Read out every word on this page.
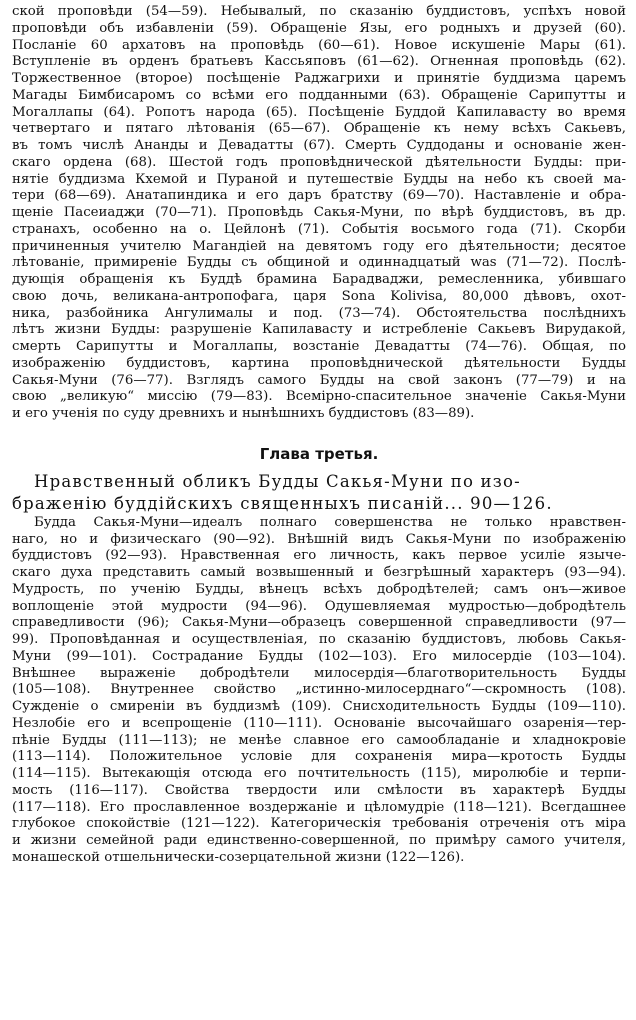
ской проповѣди (54—59). Небывалый, по сказанію буддистовъ, успѣхъ новой
проповѣди объ избавленіи (59). Обращеніе Язы, его родныхъ и друзей (60).
Посланіе 60 архатовъ на проповѣдь (60—61). Новое искушеніе Мары (61).
Вступленіе въ орденъ братьевъ Кассьяповъ (61—62). Огненная проповѣдь (62).
Торжественное (второе) посѣщеніе Раджагрихи и принятіе буддизма царемъ
Магады Бимбисаромъ со всѣми его подданными (63). Обращеніе Сарипутты и
Могаллапы (64). Ропотъ народа (65). Посѣщеніе Буддой Капилавасту во время
четвертаго и пятаго лѣтованія (65—67). Обращеніе къ нему всѣхъ Сакьевъ,
въ томъ числѣ Ананды и Девадатты (67). Смерть Суддоданы и основаніе жен-
скаго ордена (68). Шестой годъ проповѣднической дѣятельности Будды: при-
нятіе буддизма Кхемой и Пураной и путешествіе Будды на небо къ своей ма-
тери (68—69). Анатапиндика и его даръ братству (69—70). Наставленіе и обра-
щеніе Пасеиадҗи (70—71). Проповѣдь Сакья-Муни, по вѣрѣ буддистовъ, въ др.
странахъ, особенно на о. Цейлонѣ (71). Событія восьмого года (71). Скорби
причиненныя учителю Магандіей на девятомъ году его дѣятельности; десятое
лѣтованіе, примиреніе Будды съ общиной и одиннадцатый was (71—72). Послѣ-
дующія обращенія къ Буддѣ брамина Барадваджи, ремесленника, убившаго
свою дочь, великана-антропофага, царя Sona Kolivisa, 80,000 дѣвовъ, охот-
ника, разбойника Ангулималы и под. (73—74). Обстоятельства послѣднихъ
лѣтъ жизни Будды: разрушеніе Капилавасту и истребленіе Сакьевъ Вирудакой,
смерть Сарипутты и Могаллапы, возстаніе Девадатты (74—76). Общая, по
изображенію буддистовъ, картина проповѣднической дѣятельности Будды
Сакья-Муни (76—77). Взглядъ самого Будды на свой законъ (77—79) и на
свою „великую“ миссію (79—83). Всемірно-спасительное значеніе Сакья-Муни
и его ученія по суду древнихъ и нынѣшнихъ буддистовъ (83—89).
Глава третья.
Нравственный обликъ Будды Сакья-Муни по изо-браженію буддійскихъ священныхъ писаній... 90—126.
Будда Сакья-Муни—идеалъ полнаго совершенства не только нравствен-
наго, но и физическаго (90—92). Внѣшній видъ Сакья-Муни по изображенію
буддистовъ (92—93). Нравственная его личность, какъ первое усиліе языче-
скаго духа представить самый возвышенный и безгрѣшный характеръ (93—94).
Мудрость, по ученію Будды, вѣнецъ всѣхъ добродѣтелей; самъ онъ—живое
воплощеніе этой мудрости (94—96). Одушевляемая мудростью—добродѣтель
справедливости (96); Сакья-Муни—образецъ совершенной справедливости (97—
99). Проповѣданная и осуществленіая, по сказанію буддистовъ, любовь Сакья-
Муни (99—101). Сострадание Будды (102—103). Его милосердіе (103—104).
Внѣшнее выраженіе добродѣтели милосердія—благотворительность Будды
(105—108). Внутреннее свойство „истинно-милосерднаго“—скромность (108).
Сужденіе о смиреніи въ буддизмѣ (109). Снисходительность Будды (109—110).
Незлобіе его и всепрощеніе (110—111). Основаніе высочайшаго озаренія—тер-
пѣніе Будды (111—113); не менѣе славное его самообладаніе и хладнокровіе
(113—114). Положительное условіе для сохраненія мира—кротость Будды
(114—115). Вытекающія отсюда его почтительность (115), миролюбіе и терпи-
мость (116—117). Свойства твердости или смѣлости въ характерѣ Будды
(117—118). Его прославленное воздержаніе и цѣломудріе (118—121). Всегдашнее
глубокое спокойствіе (121—122). Категорическія требованія отреченія отъ міра
и жизни семейной ради единственно-совершенной, по примѣру самого учителя,
монашеской отшельнически-созерцательной жизни (122—126).
